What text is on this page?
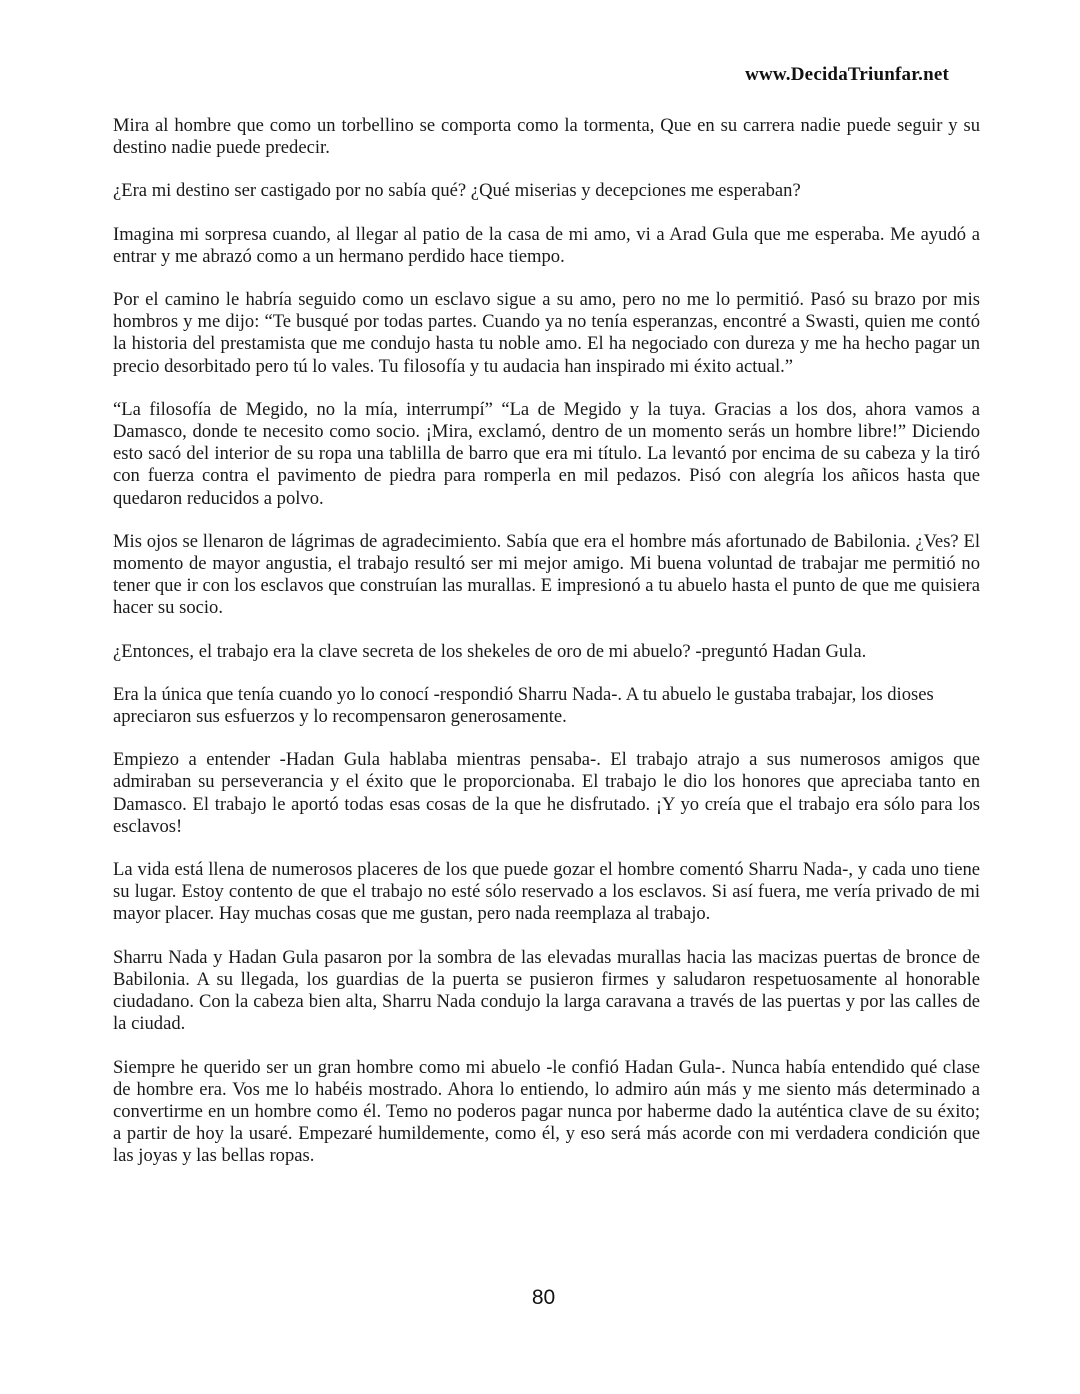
www.DecidaTriunfar.net

Mira al hombre que como un torbellino se comporta como la tormenta, Que en su carrera nadie puede seguir y su destino nadie puede predecir.

¿Era mi destino ser castigado por no sabía qué? ¿Qué miserias y decepciones me esperaban?

Imagina mi sorpresa cuando, al llegar al patio de la casa de mi amo, vi a Arad Gula que me esperaba. Me ayudó a entrar y me abrazó como a un hermano perdido hace tiempo.

Por el camino le habría seguido como un esclavo sigue a su amo, pero no me lo permitió. Pasó su brazo por mis hombros y me dijo: “Te busqué por todas partes. Cuando ya no tenía esperanzas, encontré a Swasti, quien me contó la historia del prestamista que me condujo hasta tu noble amo. El ha negociado con dureza y me ha hecho pagar un precio desorbitado pero tú lo vales. Tu filosofía y tu audacia han inspirado mi éxito actual.”

“La filosofía de Megido, no la mía, interrumpí” “La de Megido y la tuya. Gracias a los dos, ahora vamos a Damasco, donde te necesito como socio. ¡Mira, exclamó, dentro de un momento serás un hombre libre!” Diciendo esto sacó del interior de su ropa una tablilla de barro que era mi título. La levantó por encima de su cabeza y la tiró con fuerza contra el pavimento de piedra para romperla en mil pedazos. Pisó con alegría los añicos hasta que quedaron reducidos a polvo.

Mis ojos se llenaron de lágrimas de agradecimiento. Sabía que era el hombre más afortunado de Babilonia. ¿Ves? El momento de mayor angustia, el trabajo resultó ser mi mejor amigo. Mi buena voluntad de trabajar me permitió no tener que ir con los esclavos que construían las murallas. E impresionó a tu abuelo hasta el punto de que me quisiera hacer su socio.

¿Entonces, el trabajo era la clave secreta de los shekeles de oro de mi abuelo? -preguntó Hadan Gula.

Era la única que tenía cuando yo lo conocí -respondió Sharru Nada-. A tu abuelo le gustaba trabajar, los dioses apreciaron sus esfuerzos y lo recompensaron generosamente.

Empiezo a entender -Hadan Gula hablaba mientras pensaba-. El trabajo atrajo a sus numerosos amigos que admiraban su perseverancia y el éxito que le proporcionaba. El trabajo le dio los honores que apreciaba tanto en Damasco. El trabajo le aportó todas esas cosas de la que he disfrutado. ¡Y yo creía que el trabajo era sólo para los esclavos!

La vida está llena de numerosos placeres de los que puede gozar el hombre comentó Sharru Nada-, y cada uno tiene su lugar. Estoy contento de que el trabajo no esté sólo reservado a los esclavos. Si así fuera, me vería privado de mi mayor placer. Hay muchas cosas que me gustan, pero nada reemplaza al trabajo.

Sharru Nada y Hadan Gula pasaron por la sombra de las elevadas murallas hacia las macizas puertas de bronce de Babilonia. A su llegada, los guardias de la puerta se pusieron firmes y saludaron respetuosamente al honorable ciudadano. Con la cabeza bien alta, Sharru Nada condujo la larga caravana a través de las puertas y por las calles de la ciudad.

Siempre he querido ser un gran hombre como mi abuelo -le confió Hadan Gula-. Nunca había entendido qué clase de hombre era. Vos me lo habéis mostrado. Ahora lo entiendo, lo admiro aún más y me siento más determinado a convertirme en un hombre como él. Temo no poderos pagar nunca por haberme dado la auténtica clave de su éxito; a partir de hoy la usaré. Empezaré humildemente, como él, y eso será más acorde con mi verdadera condición que las joyas y las bellas ropas.

80
